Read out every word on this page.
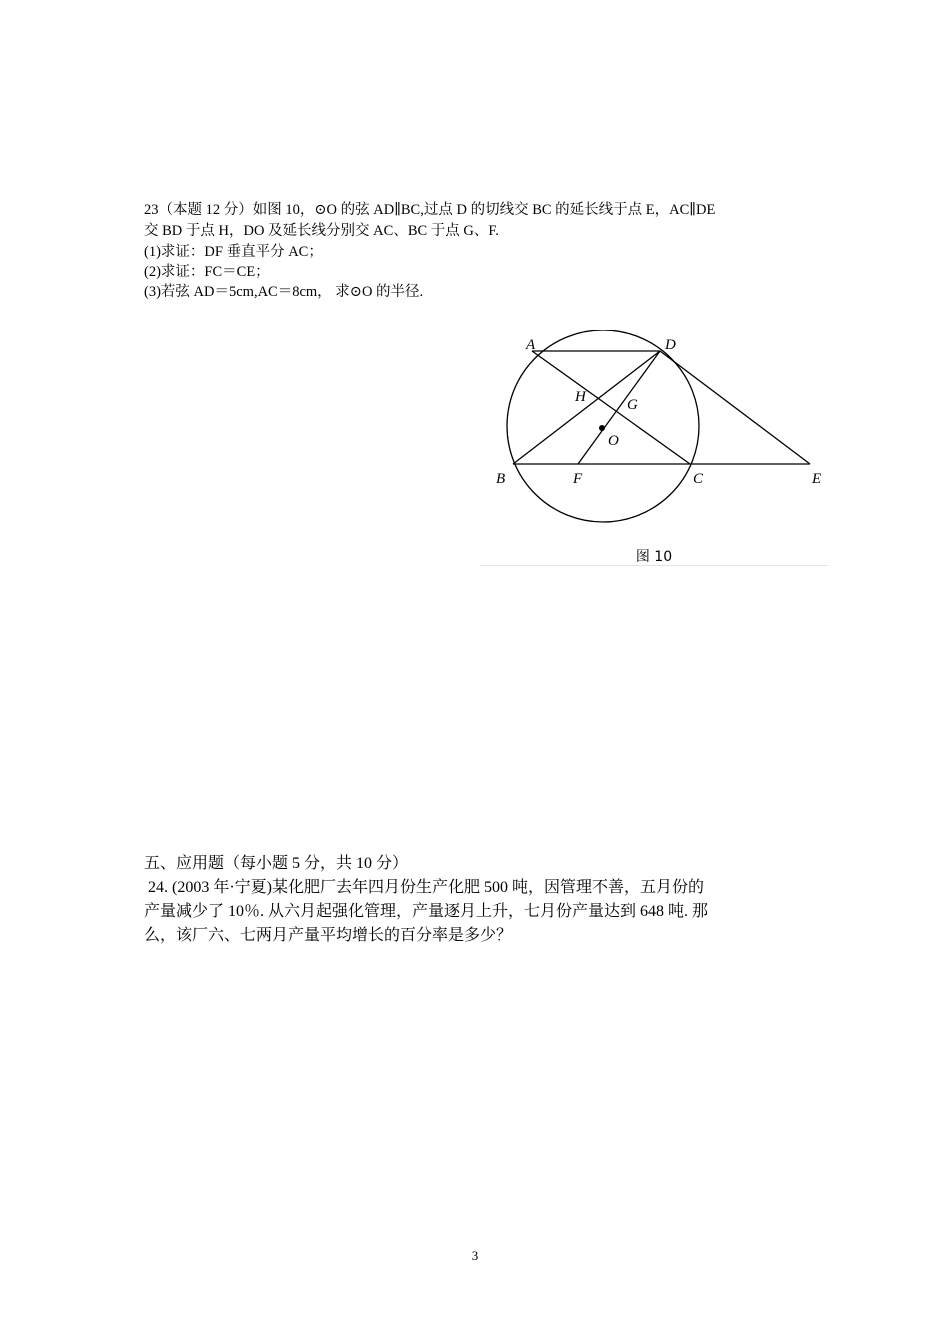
23（本题 12 分）如图 10，⊙O 的弦 AD∥BC,过点 D 的切线交 BC 的延长线于点 E，AC∥DE
交 BD 于点 H，DO 及延长线分别交 AC、BC 于点 G、F.
(1)求证：DF 垂直平分 AC；
(2)求证：FC＝CE；
(3)若弦 AD＝5cm,AC＝8cm， 求⊙O 的半径.
A	D
H	G
O
B	F	C	E
图 10
五、应用题（每小题 5 分，共 10 分）
24. (2003 年·宁夏)某化肥厂去年四月份生产化肥 500 吨，因管理不善，五月份的
产量减少了 10％. 从六月起强化管理，产量逐月上升，七月份产量达到 648 吨. 那
么，该厂六、七两月产量平均增长的百分率是多少？
3
